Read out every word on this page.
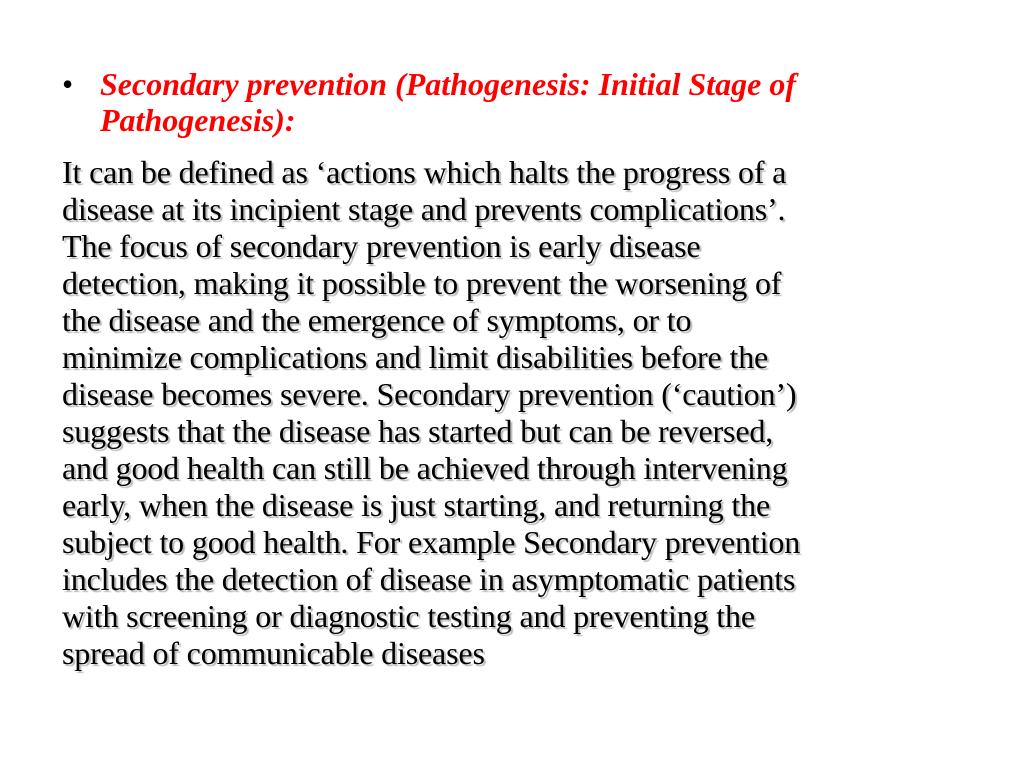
• Secondary prevention (Pathogenesis: Initial Stage of
Pathogenesis):

It can be defined as ‘actions which halts the progress of a
disease at its incipient stage and prevents complications’.
The focus of secondary prevention is early disease
detection, making it possible to prevent the worsening of
the disease and the emergence of symptoms, or to
minimize complications and limit disabilities before the
disease becomes severe. Secondary prevention (‘caution’)
suggests that the disease has started but can be reversed,
and good health can still be achieved through intervening
early, when the disease is just starting, and returning the
subject to good health. For example Secondary prevention
includes the detection of disease in asymptomatic patients
with screening or diagnostic testing and preventing the
spread of communicable diseases
